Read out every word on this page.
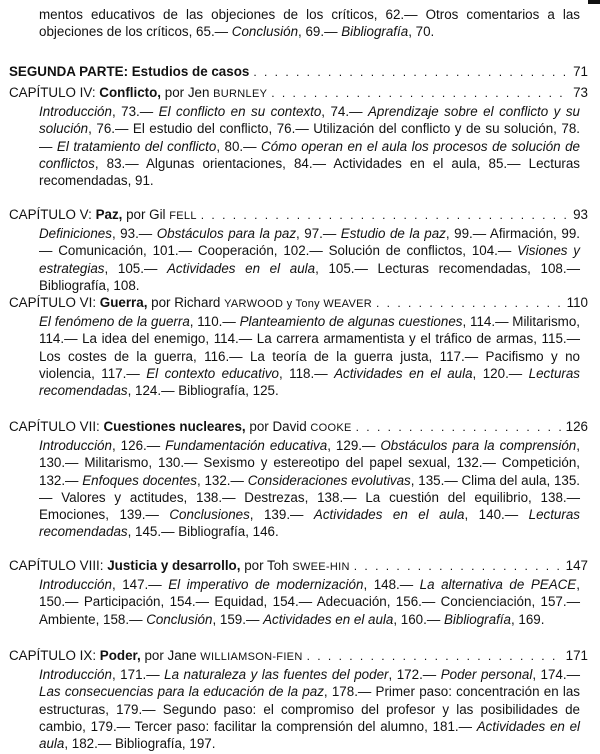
mentos educativos de las objeciones de los críticos, 62.— Otros comentarios a las objeciones de los críticos, 65.— Conclusión, 69.— Bibliografía, 70.
SEGUNDA PARTE: Estudios de casos . . .	71
CAPÍTULO IV: Conflicto, por Jen BURNLEY . . .	73
Introducción, 73.— El conflicto en su contexto, 74.— Aprendizaje sobre el conflicto y su solución, 76.— El estudio del conflicto, 76.— Utilización del conflicto y de su solución, 78.— El tratamiento del conflicto, 80.— Cómo operan en el aula los procesos de solución de conflictos, 83.— Algunas orientaciones, 84.— Actividades en el aula, 85.— Lecturas recomendadas, 91.
CAPÍTULO V: Paz, por Gil FELL . . .	93
Definiciones, 93.— Obstáculos para la paz, 97.— Estudio de la paz, 99.— Afirmación, 99.— Comunicación, 101.— Cooperación, 102.— Solución de conflictos, 104.— Visiones y estrategias, 105.— Actividades en el aula, 105.— Lecturas recomendadas, 108.— Bibliografía, 108.
CAPÍTULO VI: Guerra, por Richard YARWOOD y Tony WEAVER . . .	110
El fenómeno de la guerra, 110.— Planteamiento de algunas cuestiones, 114.— Militarismo, 114.— La idea del enemigo, 114.— La carrera armamentista y el tráfico de armas, 115.— Los costes de la guerra, 116.— La teoría de la guerra justa, 117.— Pacifismo y no violencia, 117.— El contexto educativo, 118.— Actividades en el aula, 120.— Lecturas recomendadas, 124.— Bibliografía, 125.
CAPÍTULO VII: Cuestiones nucleares, por David COOKE . . .	126
Introducción, 126.— Fundamentación educativa, 129.— Obstáculos para la comprensión, 130.— Militarismo, 130.— Sexismo y estereotipo del papel sexual, 132.— Competición, 132.— Enfoques docentes, 132.— Consideraciones evolutivas, 135.— Clima del aula, 135.— Valores y actitudes, 138.— Destrezas, 138.— La cuestión del equilibrio, 138.— Emociones, 139.— Conclusiones, 139.— Actividades en el aula, 140.— Lecturas recomendadas, 145.— Bibliografía, 146.
CAPÍTULO VIII: Justicia y desarrollo, por Toh SWEE-HIN . . .	147
Introducción, 147.— El imperativo de modernización, 148.— La alternativa de PEACE, 150.— Participación, 154.— Equidad, 154.— Adecuación, 156.— Concienciación, 157.— Ambiente, 158.— Conclusión, 159.— Actividades en el aula, 160.— Bibliografía, 169.
CAPÍTULO IX: Poder, por Jane WILLIAMSON-FIEN . . .	171
Introducción, 171.— La naturaleza y las fuentes del poder, 172.— Poder personal, 174.— Las consecuencias para la educación de la paz, 178.— Primer paso: concentración en las estructuras, 179.— Segundo paso: el compromiso del profesor y las posibilidades de cambio, 179.— Tercer paso: facilitar la comprensión del alumno, 181.— Actividades en el aula, 182.— Bibliografía, 197.
